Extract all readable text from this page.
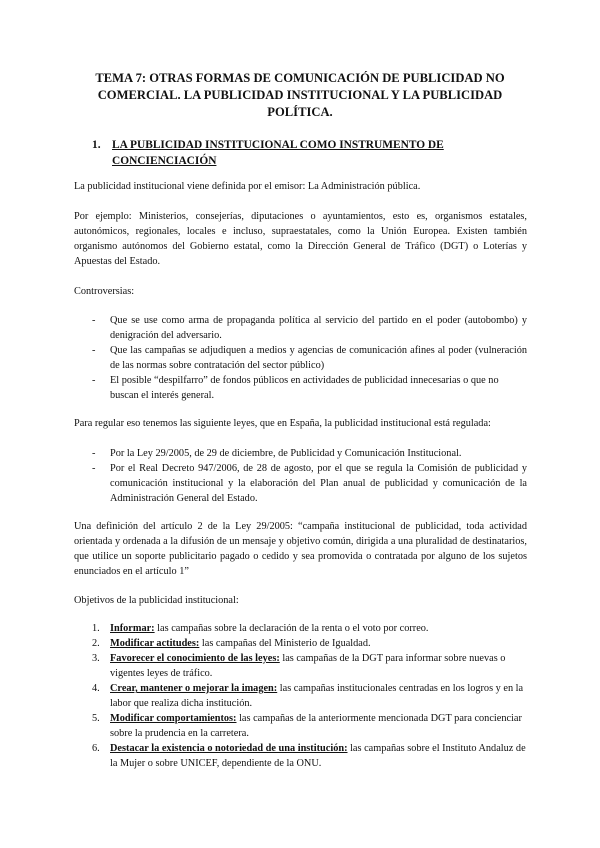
TEMA 7: OTRAS FORMAS DE COMUNICACIÓN DE PUBLICIDAD NO
COMERCIAL. LA PUBLICIDAD INSTITUCIONAL Y LA PUBLICIDAD
POLÍTICA.
1. LA PUBLICIDAD INSTITUCIONAL COMO INSTRUMENTO DE
CONCIENCIACIÓN
La publicidad institucional viene definida por el emisor: La Administración pública.
Por ejemplo: Ministerios, consejerías, diputaciones o ayuntamientos, esto es, organismos estatales, autonómicos, regionales, locales e incluso, supraestatales, como la Unión Europea. Existen también organismo autónomos del Gobierno estatal, como la Dirección General de Tráfico (DGT) o Loterías y Apuestas del Estado.
Controversias:
- Que se use como arma de propaganda política al servicio del partido en el poder (autobombo) y denigración del adversario.
- Que las campañas se adjudiquen a medios y agencias de comunicación afines al poder (vulneración de las normas sobre contratación del sector público)
- El posible “despilfarro” de fondos públicos en actividades de publicidad innecesarias o que no buscan el interés general.
Para regular eso tenemos las siguiente leyes, que en España, la publicidad institucional está regulada:
- Por la Ley 29/2005, de 29 de diciembre, de Publicidad y Comunicación Institucional.
- Por el Real Decreto 947/2006, de 28 de agosto, por el que se regula la Comisión de publicidad y comunicación institucional y la elaboración del Plan anual de publicidad y comunicación de la Administración General del Estado.
Una definición del artículo 2 de la Ley 29/2005: “campaña institucional de publicidad, toda actividad orientada y ordenada a la difusión de un mensaje y objetivo común, dirigida a una pluralidad de destinatarios, que utilice un soporte publicitario pagado o cedido y sea promovida o contratada por alguno de los sujetos enunciados en el artículo 1”
Objetivos de la publicidad institucional:
1. Informar: las campañas sobre la declaración de la renta o el voto por correo.
2. Modificar actitudes: las campañas del Ministerio de Igualdad.
3. Favorecer el conocimiento de las leyes: las campañas de la DGT para informar sobre nuevas o vigentes leyes de tráfico.
4. Crear, mantener o mejorar la imagen: las campañas institucionales centradas en los logros y en la labor que realiza dicha institución.
5. Modificar comportamientos: las campañas de la anteriormente mencionada DGT para concienciar sobre la prudencia en la carretera.
6. Destacar la existencia o notoriedad de una institución: las campañas sobre el Instituto Andaluz de la Mujer o sobre UNICEF, dependiente de la ONU.
